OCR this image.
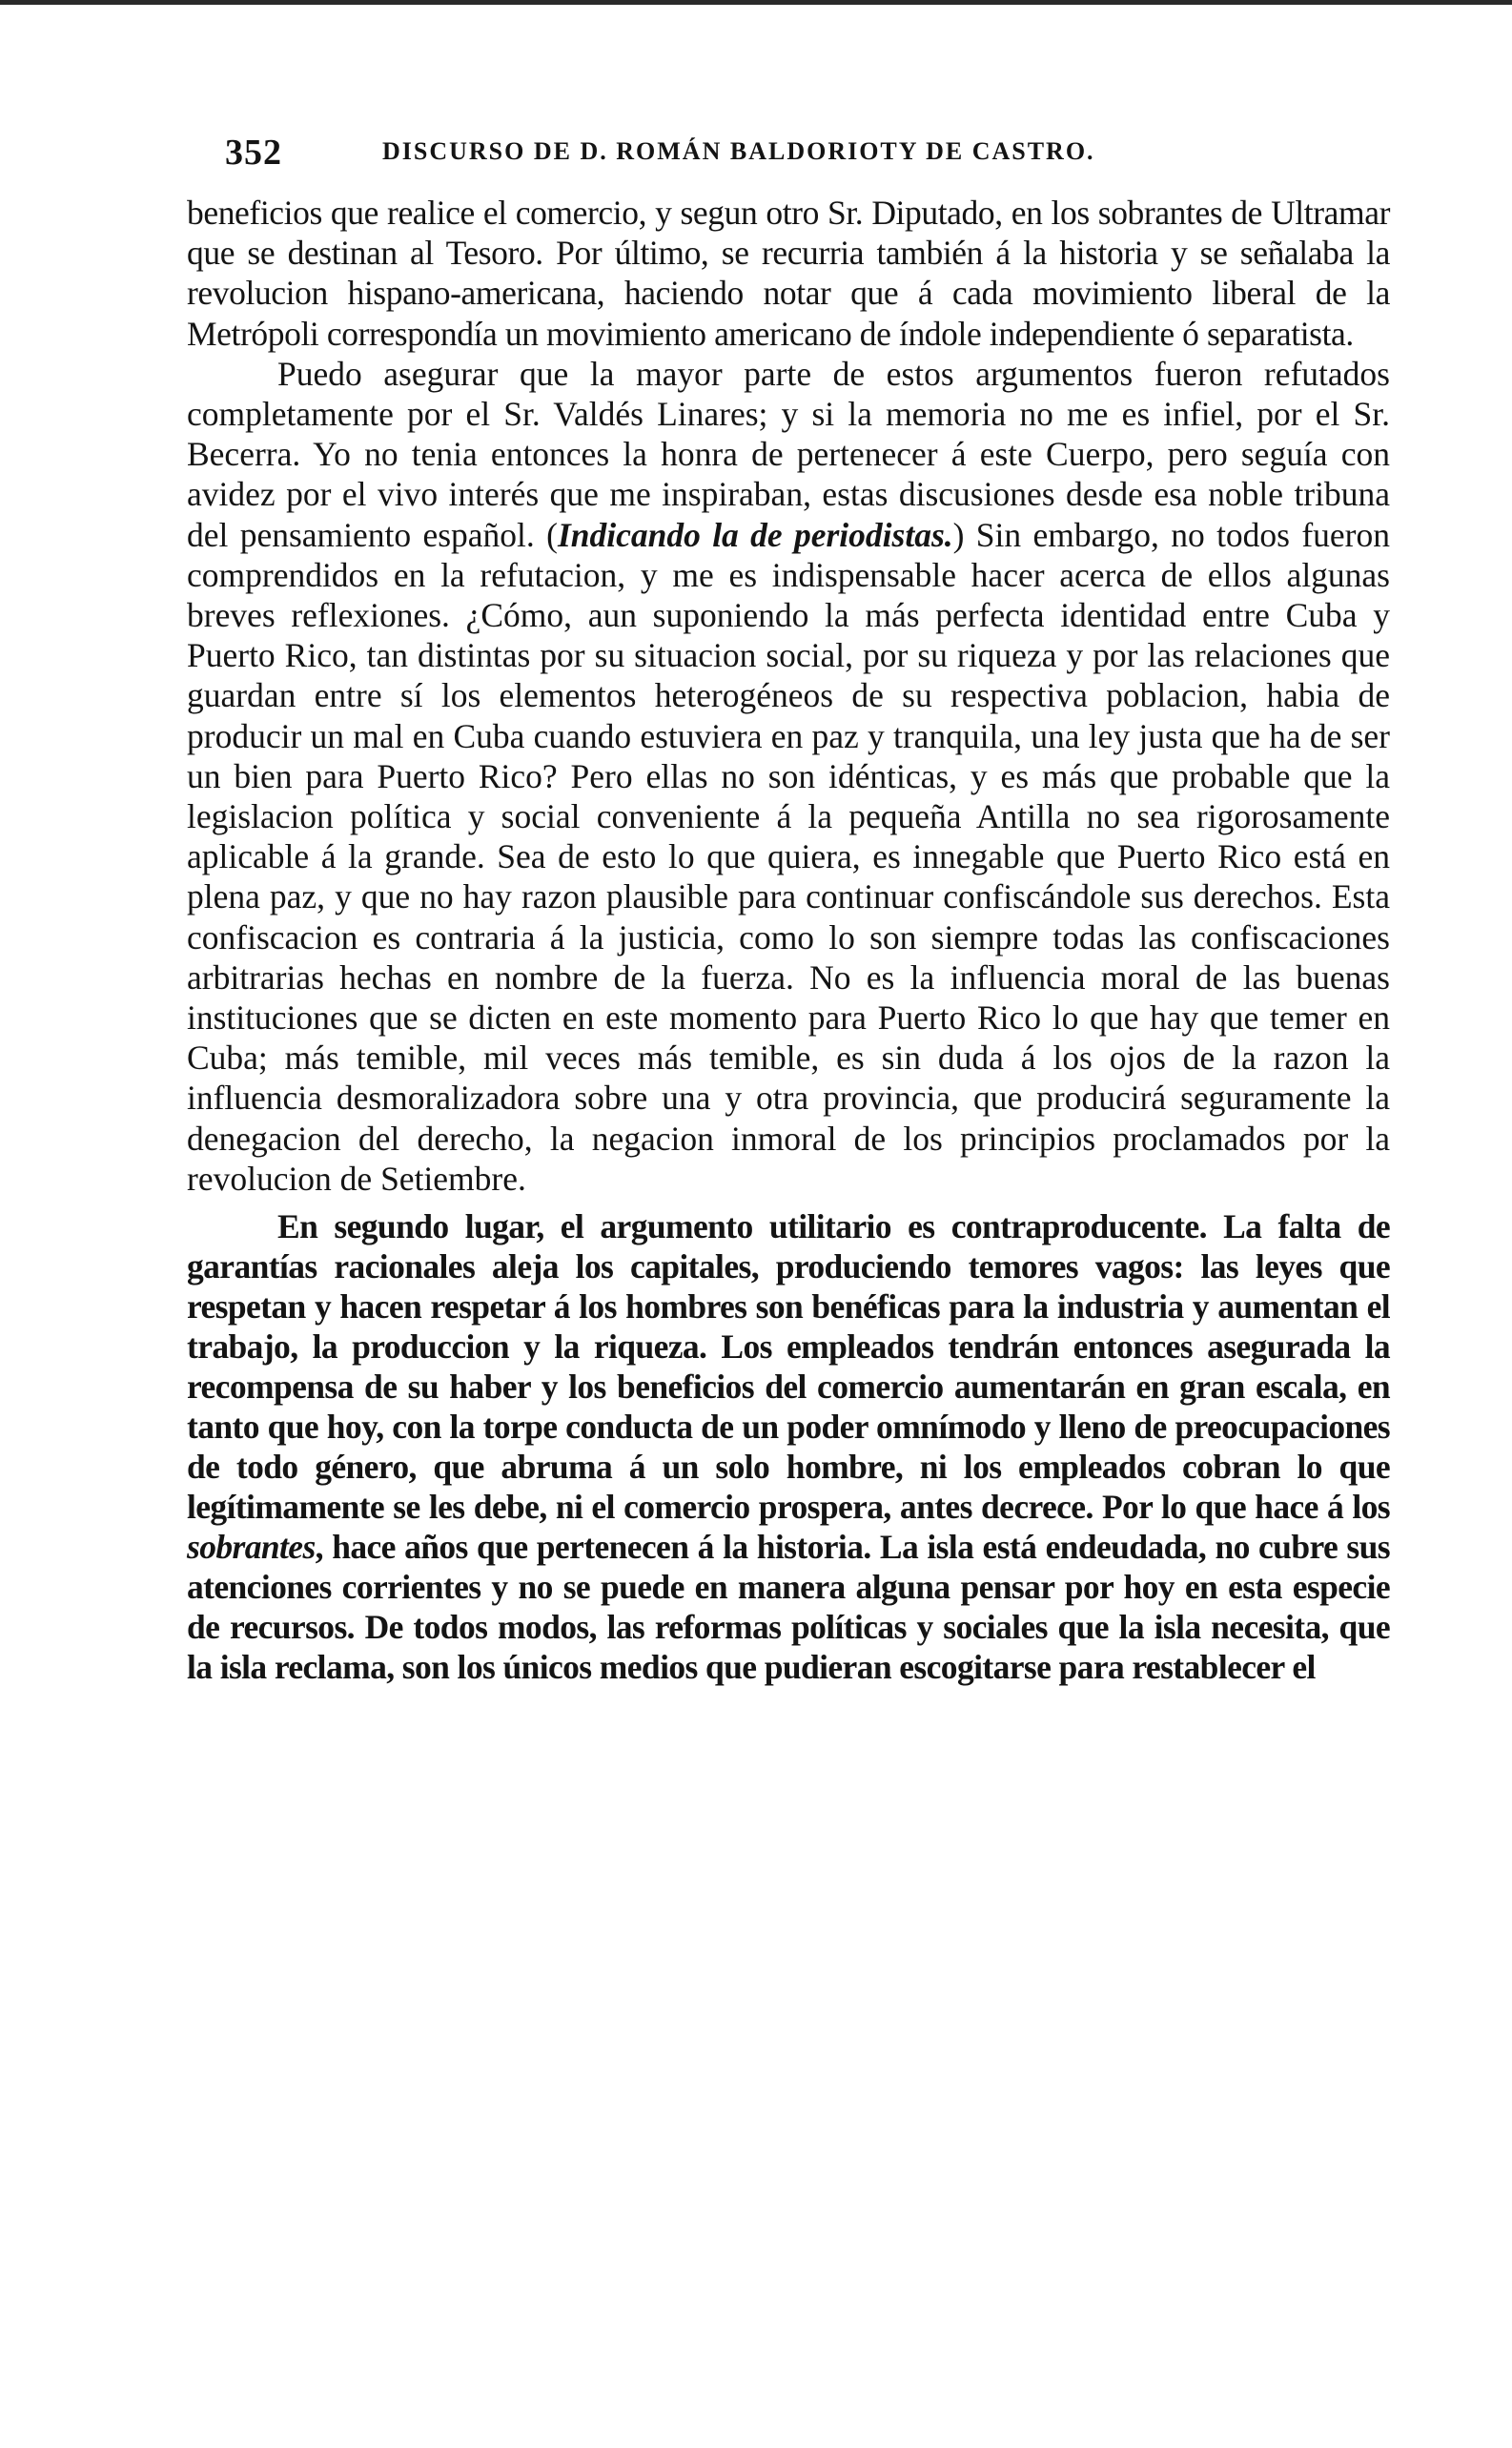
352	DISCURSO DE D. ROMÁN BALDORIOTY DE CASTRO.

beneficios que realice el comercio, y segun otro Sr. Diputado, en los sobrantes de Ultramar que se destinan al Tesoro. Por último, se recurria también á la historia y se señalaba la revolucion hispano-americana, haciendo notar que á cada movimiento liberal de la Metrópoli correspondía un movimiento americano de índole independiente ó separatista.

Puedo asegurar que la mayor parte de estos argumentos fueron refutados completamente por el Sr. Valdés Linares; y si la memoria no me es infiel, por el Sr. Becerra. Yo no tenia entonces la honra de pertenecer á este Cuerpo, pero seguía con avidez por el vivo interés que me inspiraban, estas discusiones desde esa noble tribuna del pensamiento español. (Indicando la de periodistas.) Sin embargo, no todos fueron comprendidos en la refutacion, y me es indispensable hacer acerca de ellos algunas breves reflexiones. ¿Cómo, aun suponiendo la más perfecta identidad entre Cuba y Puerto Rico, tan distintas por su situacion social, por su riqueza y por las relaciones que guardan entre sí los elementos heterogéneos de su respectiva poblacion, habia de producir un mal en Cuba cuando estuviera en paz y tranquila, una ley justa que ha de ser un bien para Puerto Rico? Pero ellas no son idénticas, y es más que probable que la legislacion política y social conveniente á la pequeña Antilla no sea rigorosamente aplicable á la grande. Sea de esto lo que quiera, es innegable que Puerto Rico está en plena paz, y que no hay razon plausible para continuar confiscándole sus derechos. Esta confiscacion es contraria á la justicia, como lo son siempre todas las confiscaciones arbitrarias hechas en nombre de la fuerza. No es la influencia moral de las buenas instituciones que se dicten en este momento para Puerto Rico lo que hay que temer en Cuba; más temible, mil veces más temible, es sin duda á los ojos de la razon la influencia desmoralizadora sobre una y otra provincia, que producirá seguramente la denegacion del derecho, la negacion inmoral de los principios proclamados por la revolucion de Setiembre.

En segundo lugar, el argumento utilitario es contraproducente. La falta de garantías racionales aleja los capitales, produciendo temores vagos: las leyes que respetan y hacen respetar á los hombres son benéficas para la industria y aumentan el trabajo, la produccion y la riqueza. Los empleados tendrán entonces asegurada la recompensa de su haber y los beneficios del comercio aumentarán en gran escala, en tanto que hoy, con la torpe conducta de un poder omnímodo y lleno de preocupaciones de todo género, que abruma á un solo hombre, ni los empleados cobran lo que legítimamente se les debe, ni el comercio prospera, antes decrece. Por lo que hace á los sobrantes, hace años que pertenecen á la historia. La isla está endeudada, no cubre sus atenciones corrientes y no se puede en manera alguna pensar por hoy en esta especie de recursos. De todos modos, las reformas políticas y sociales que la isla necesita, que la isla reclama, son los únicos medios que pudieran escogitarse para restablecer el
